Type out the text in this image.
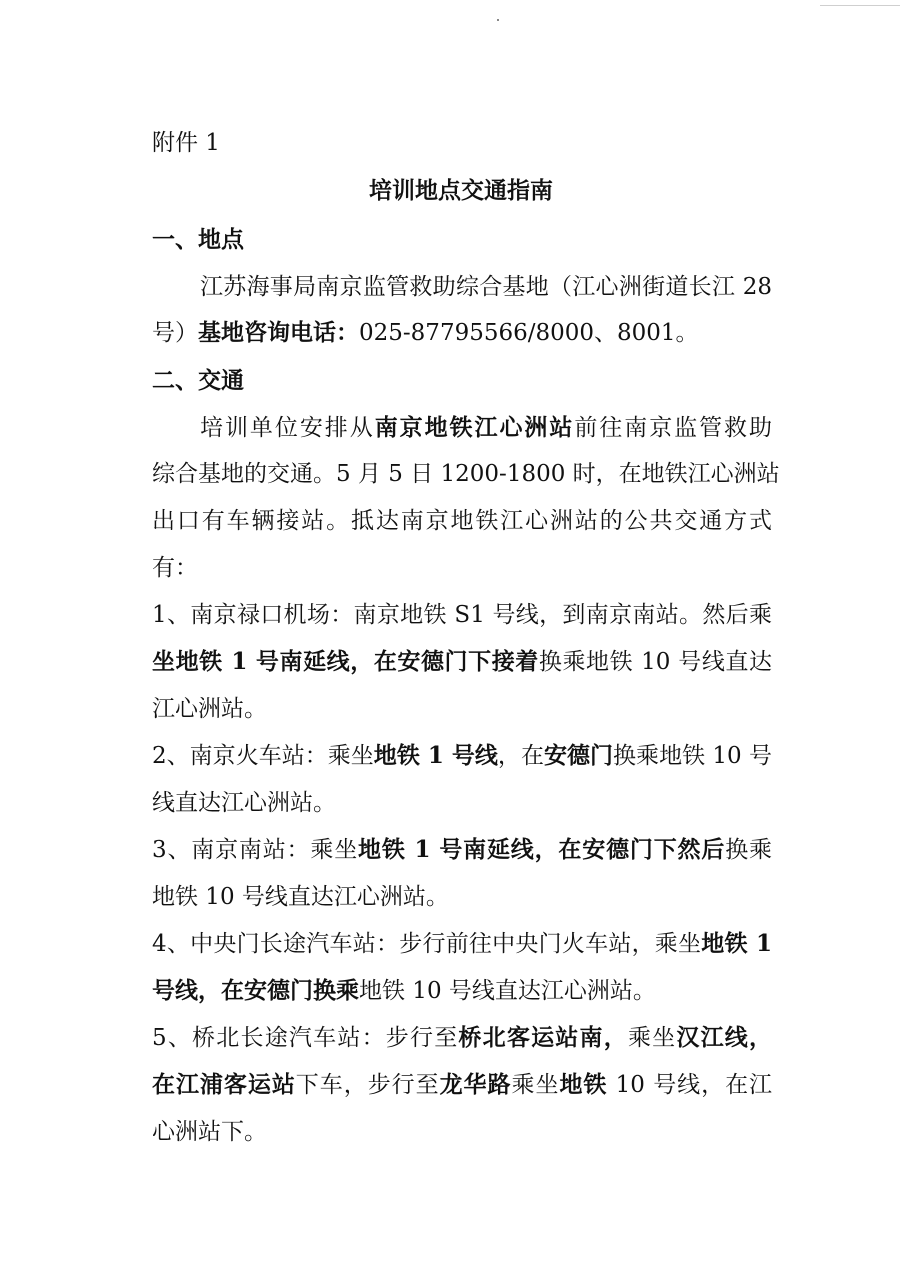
附件 1
培训地点交通指南
一、地点
江苏海事局南京监管救助综合基地（江心洲街道长江 28
号）基地咨询电话：025-87795566/8000、8001。
二、交通
培训单位安排从南京地铁江心洲站前往南京监管救助
综合基地的交通。5 月 5 日 1200-1800 时，在地铁江心洲站
出口有车辆接站。抵达南京地铁江心洲站的公共交通方式
有：
1、南京禄口机场：南京地铁 S1 号线，到南京南站。然后乘
坐地铁 1 号南延线，在安德门下接着换乘地铁 10 号线直达
江心洲站。
2、南京火车站：乘坐地铁 1 号线，在安德门换乘地铁 10 号
线直达江心洲站。
3、南京南站：乘坐地铁 1 号南延线，在安德门下然后换乘
地铁 10 号线直达江心洲站。
4、中央门长途汽车站：步行前往中央门火车站，乘坐地铁 1
号线，在安德门换乘地铁 10 号线直达江心洲站。
5、桥北长途汽车站：步行至桥北客运站南，乘坐汉江线，
在江浦客运站下车，步行至龙华路乘坐地铁 10 号线，在江
心洲站下。
